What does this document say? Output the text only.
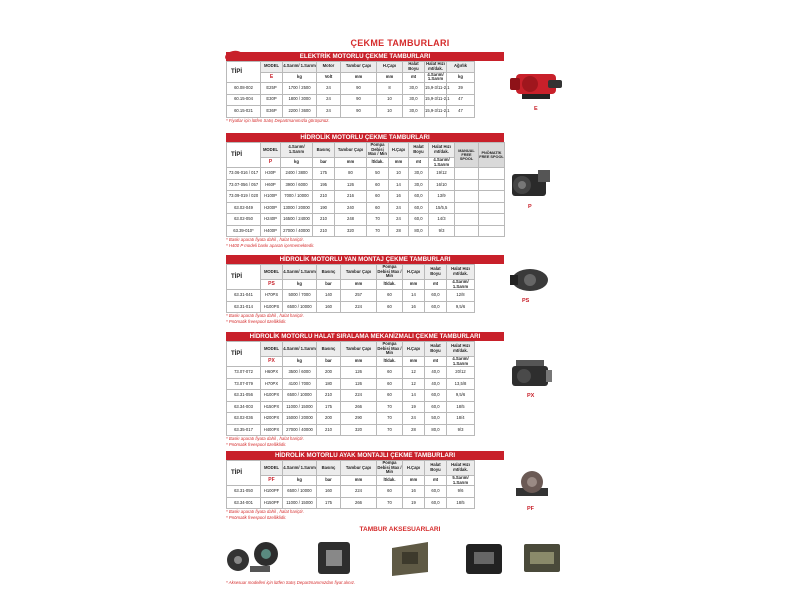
ÇEKME TAMBURLARI
ELEKTRİK MOTORLU ÇEKME TAMBURLARI
TİPİ	MODEL	4.Sarım/ 1.Sarım	Motor	Tambur Çapı	H.Çapı	Halat Boyu	Halat Hızı mt/dak.	Ağırlık
	E	kg	Volt	mm	mm	mt	4.Sarım/ 1.Sarım	kg
60.08-002	E25P	1700 / 2500	24	90	8	30,0	15,9-3/11-2,1	39
60.15-004	E30P	1800 / 3000	24	90	10	30,0	15,9-3/11-2,1	47
60.15-021	E36P	2200 / 3600	24	90	10	30,0	15,9-3/11-2,1	47
* Fiyatlar için lütfen Satış Departmanımızla görüşünüz.
HİDROLİK MOTORLU ÇEKME TAMBURLARI
TİPİ	MODEL	4.Sarım/ 1.Sarım	Basınç	Tambur Çapı	Pompa Debisi Max / Min	H.Çapı	Halat Boyu	Halat Hızı mt/dak.	MANUAL FREE SPOOL	PNÖMATİK FREE SPOOL
	P	kg	bar	mm	lt/dak.	mm	mt	4.Sarım/ 1.Sarım		
73.06-016 / 017	H30P	2400 / 3800	175	80	50	10	30,0	19/12		
73.07-056 / 057	H60P	3900 / 6000	195	126	60	14	30,0	16/10		
73.09-019 / 020	H100P	7000 / 10000	210	216	60	16	60,0	13/9		
63.02-049	H200P	13000 / 20000	190	240	60	24	60,0	15/5,5		
63.02-050	H240P	16500 / 24000	210	248	70	24	60,0	14/3		
63.39-010*	H400P	27000 / 40000	210	320	70	28	80,0	9/3		
* Baskı aparatı fiyata dahil , halat hariçtir.
* H400 P modeli baskı aparatı içermemektedir.
HİDROLİK MOTORLU YAN MONTAJ ÇEKME TAMBURLARI
TİPİ	MODEL	4.Sarım/ 1.Sarım	Basınç	Tambur Çapı	Pompa Debisi Max / Min	H.Çapı	Halat Boyu	Halat Hızı mt/dak.
	PS	kg	bar	mm	lt/dak.	mm	mt	4.Sarım/ 1.Sarım
63.31-041	H70PS	5000 / 7000	140	257	60	14	60,0	12/8
63.31-014	H100PS	6500 / 10000	160	224	60	16	60,0	9,5/6
* Baskı aparatı fiyata dahil , halat hariçtir.
* Pnömatik freespool özelliklidir.
HİDROLİK MOTORLU HALAT SIRALAMA MEKANİZMALI ÇEKME TAMBURLARI
TİPİ	MODEL	4.Sarım/ 1.Sarım	Basınç	Tambur Çapı	Pompa Debisi Max / Min	H.Çapı	Halat Boyu	Halat Hızı mt/dak.
	PX	kg	bar	mm	lt/dak.	mm	mt	4.Sarım/ 1.Sarım
73.07-072	H60PX	3500 / 6000	200	126	60	12	40,0	20/12
73.07-079	H70PX	4100 / 7000	180	126	60	12	40,0	13,5/8
63.31-056	H100PX	6500 / 10000	210	224	60	14	60,0	9,5/6
63.34-003	H150PX	11000 / 15000	175	266	70	19	60,0	18/5
63.02-036	H200PX	15000 / 20000	200	290	70	24	50,0	18/4
63.35-017	H400PX	27000 / 40000	210	320	70	28	80,0	9/3
* Baskı aparatı fiyata dahil , halat hariçtir.
* Pnömatik freespool özelliklidir.
HİDROLİK MOTORLU AYAK MONTAJLI ÇEKME TAMBURLARI
TİPİ	MODEL	4.Sarım/ 1.Sarım	Basınç	Tambur Çapı	Pompa Debisi Max / Min	H.Çapı	Halat Boyu	Halat Hızı mt/dak.
	PF	kg	bar	mm	lt/dak.	mm	mt	5.Sarım/ 1.Sarım
63.31-050	H100PF	6500 / 10000	160	224	60	16	60,0	9/6
63.34-001	H150PF	11000 / 15000	175	266	70	19	60,0	18/5
* Baskı aparatı fiyata dahil , halat hariçtir.
* Pnömatik freespool özelliklidir.
E
P
PS
PX
PF
TAMBUR AKSESUARLARI
* Aksesuar modelleri için lütfen Satış Departmanımızdan fiyat alınız.
